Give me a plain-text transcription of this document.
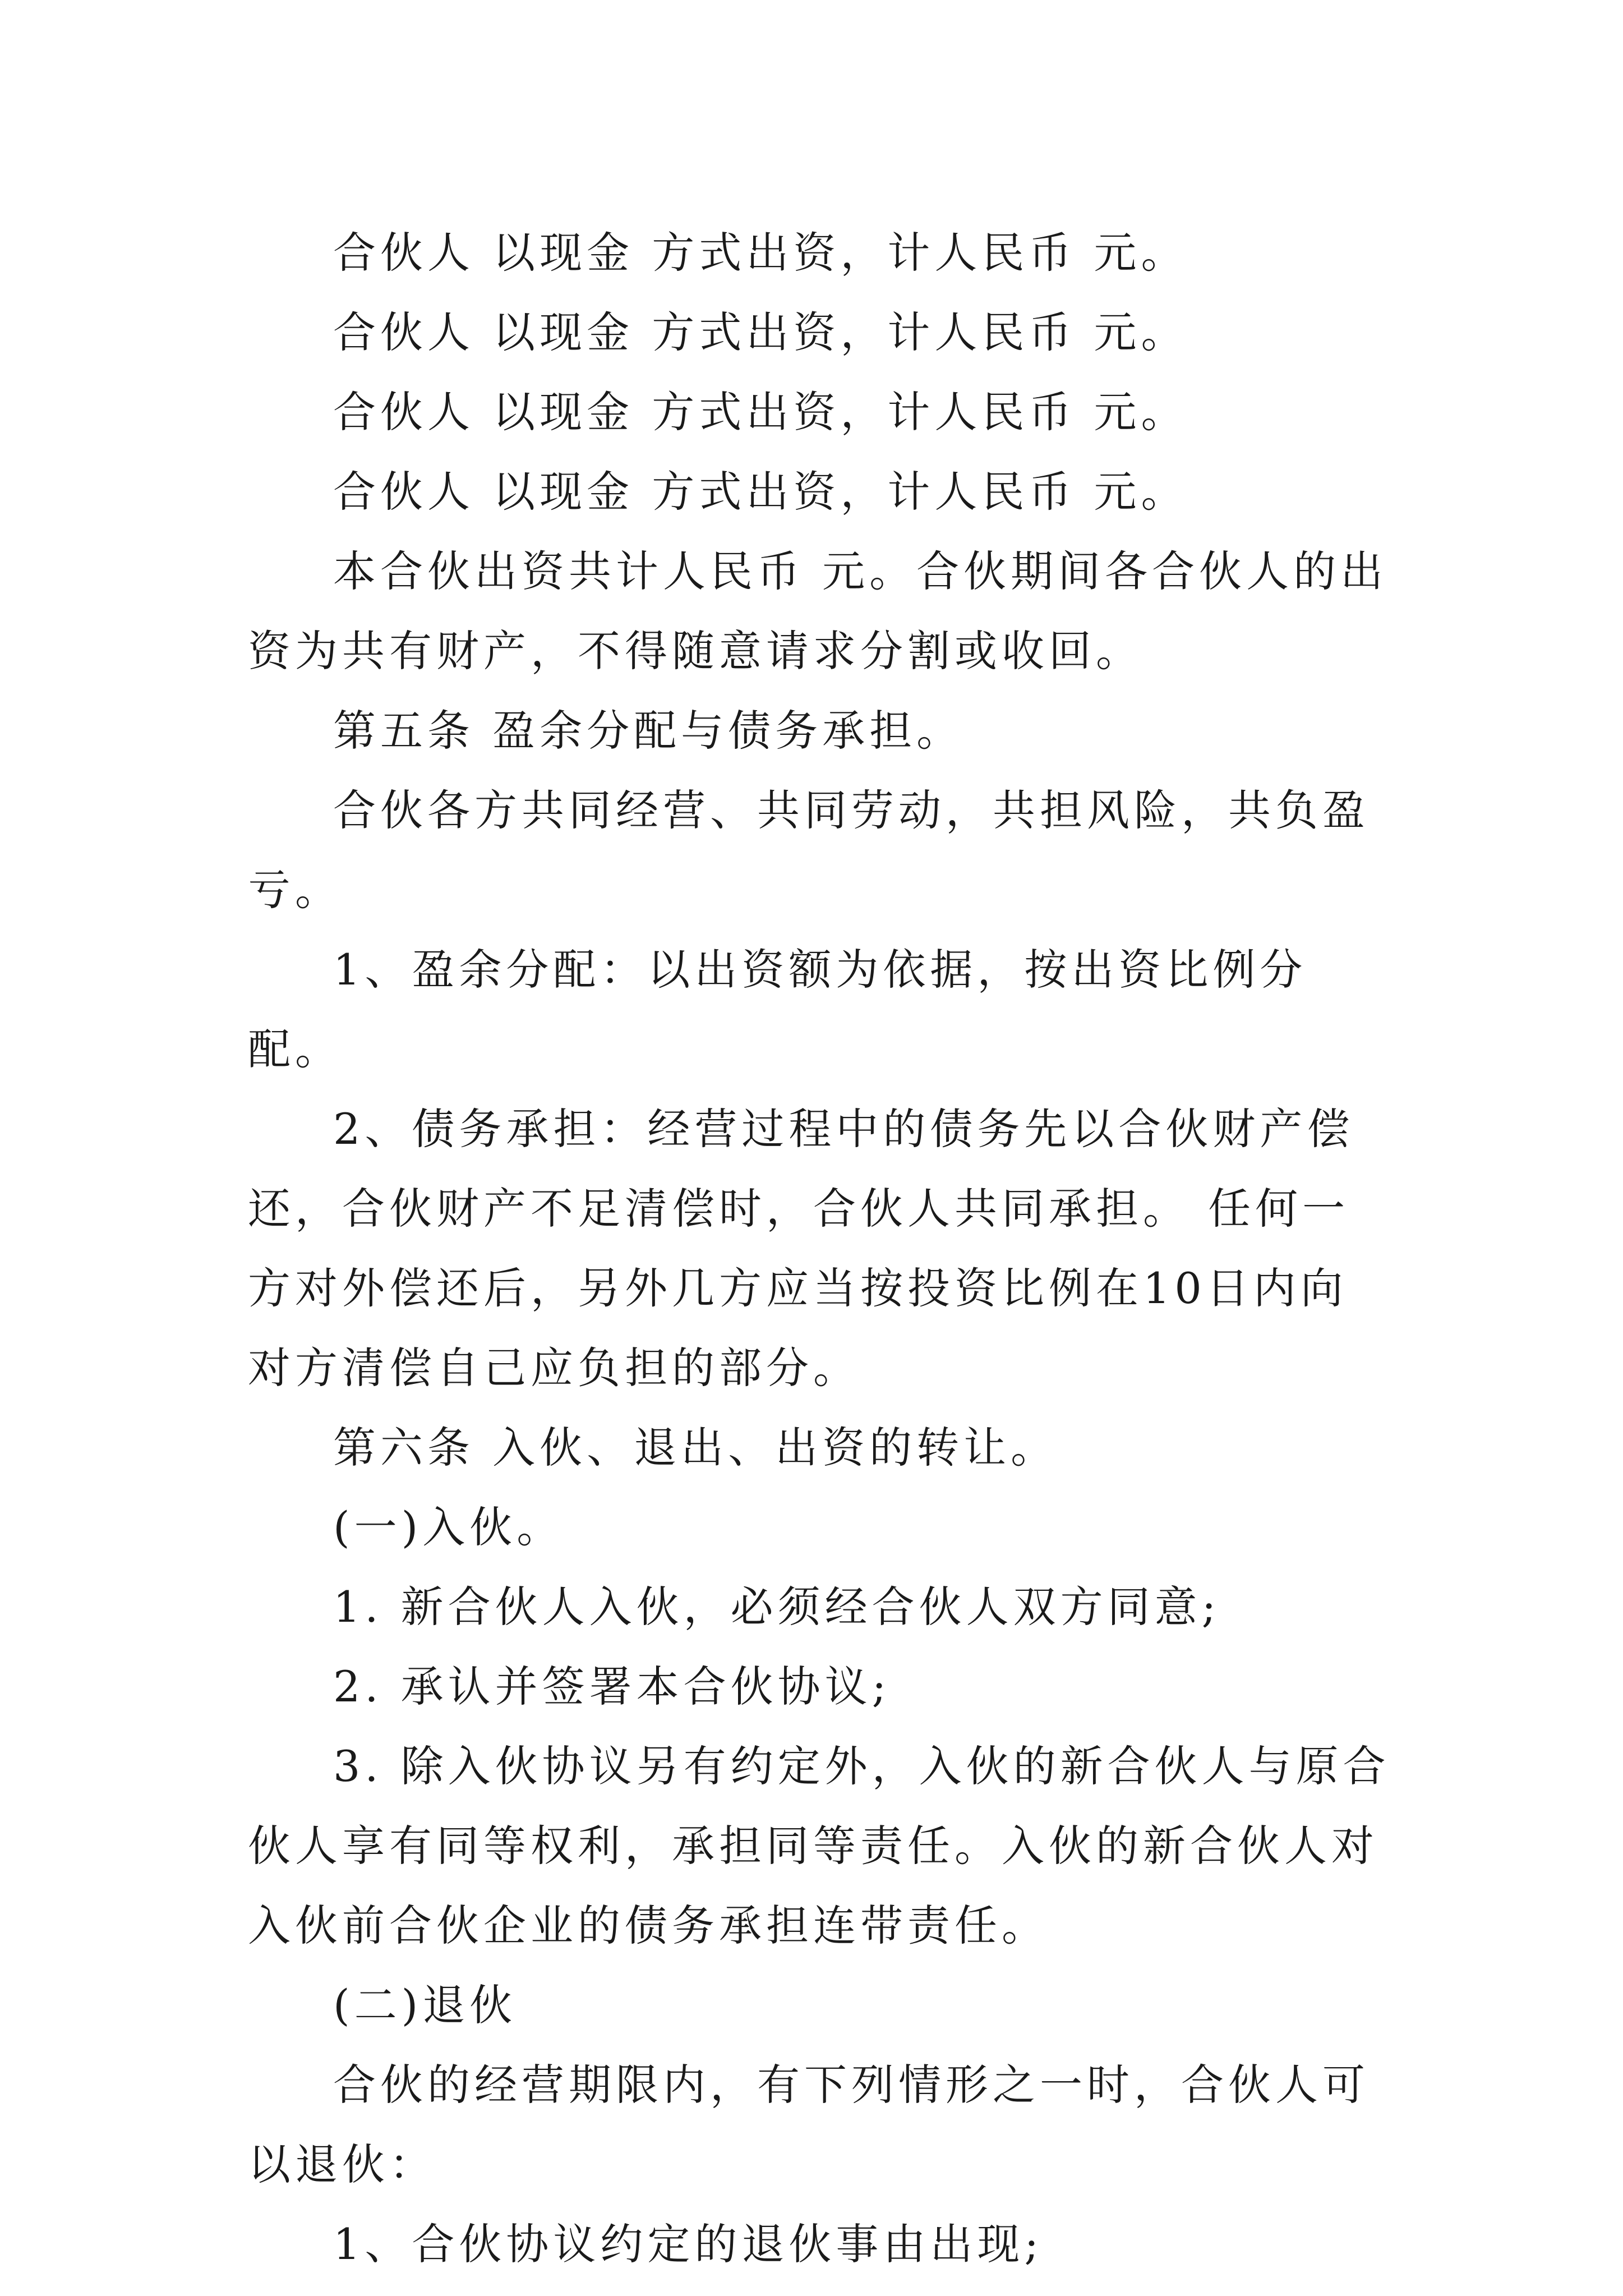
合伙人 以现金 方式出资，计人民币 元。

合伙人 以现金 方式出资，计人民币 元。

合伙人 以现金 方式出资，计人民币 元。

合伙人 以现金 方式出资，计人民币 元。

本合伙出资共计人民币 元。合伙期间各合伙人的出资为共有财产，不得随意请求分割或收回。

第五条 盈余分配与债务承担。

合伙各方共同经营、共同劳动，共担风险，共负盈亏。

1、盈余分配：以出资额为依据，按出资比例分配。

2、债务承担：经营过程中的债务先以合伙财产偿还，合伙财产不足清偿时，合伙人共同承担。 任何一方对外偿还后，另外几方应当按投资比例在10日内向对方清偿自己应负担的部分。

第六条 入伙、退出、出资的转让。

(一)入伙。

1. 新合伙人入伙，必须经合伙人双方同意;

2. 承认并签署本合伙协议;

3. 除入伙协议另有约定外，入伙的新合伙人与原合伙人享有同等权利，承担同等责任。入伙的新合伙人对入伙前合伙企业的债务承担连带责任。

(二)退伙

合伙的经营期限内，有下列情形之一时，合伙人可以退伙：

1、合伙协议约定的退伙事由出现;
